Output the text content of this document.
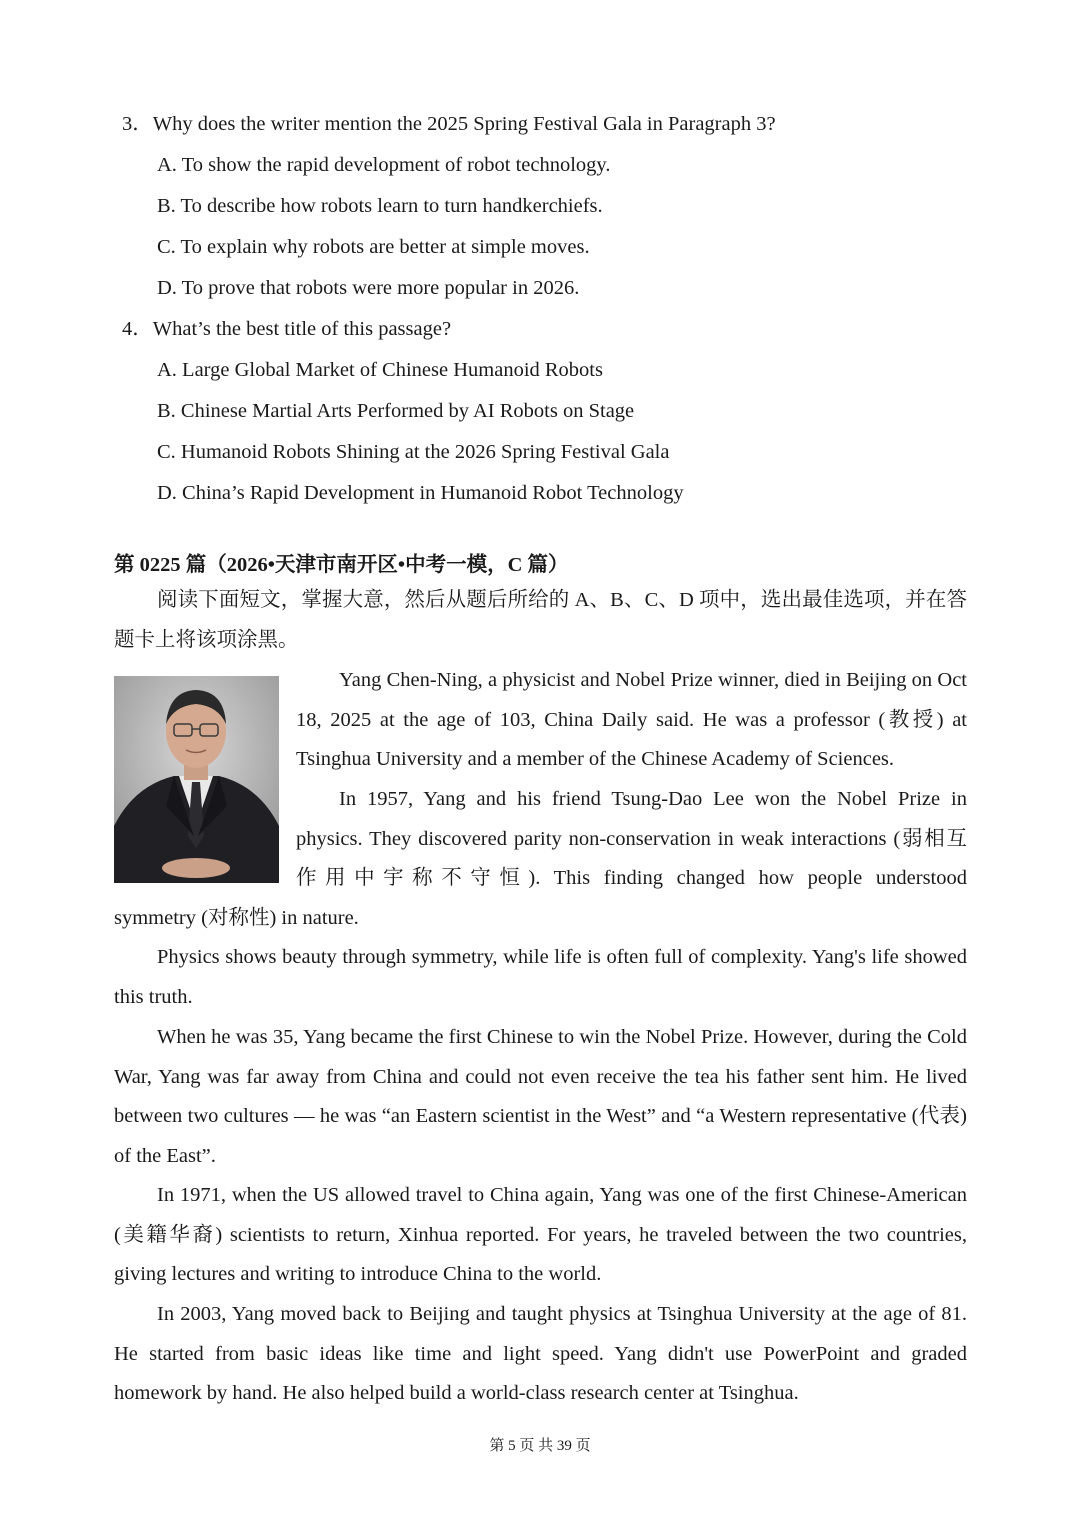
3．Why does the writer mention the 2025 Spring Festival Gala in Paragraph 3?
A. To show the rapid development of robot technology.
B. To describe how robots learn to turn handkerchiefs.
C. To explain why robots are better at simple moves.
D. To prove that robots were more popular in 2026.
4．What’s the best title of this passage?
A. Large Global Market of Chinese Humanoid Robots
B. Chinese Martial Arts Performed by AI Robots on Stage
C. Humanoid Robots Shining at the 2026 Spring Festival Gala
D. China’s Rapid Development in Humanoid Robot Technology
第 0225 篇（2026•天津市南开区•中考一模，C 篇）
阅读下面短文，掌握大意，然后从题后所给的 A、B、C、D 项中，选出最佳选项，并在答题卡上将该项涂黑。
Yang Chen-Ning, a physicist and Nobel Prize winner, died in Beijing on Oct 18, 2025 at the age of 103, China Daily said. He was a professor (教授) at Tsinghua University and a member of the Chinese Academy of Sciences.
In 1957, Yang and his friend Tsung-Dao Lee won the Nobel Prize in physics. They discovered parity non-conservation in weak interactions (弱相互作用中宇称不守恒). This finding changed how people understood
symmetry (对称性) in nature.
Physics shows beauty through symmetry, while life is often full of complexity. Yang's life showed this truth.
When he was 35, Yang became the first Chinese to win the Nobel Prize. However, during the Cold War, Yang was far away from China and could not even receive the tea his father sent him. He lived between two cultures — he was “an Eastern scientist in the West” and “a Western representative (代表) of the East”.
In 1971, when the US allowed travel to China again, Yang was one of the first Chinese-American (美籍华裔) scientists to return, Xinhua reported. For years, he traveled between the two countries, giving lectures and writing to introduce China to the world.
In 2003, Yang moved back to Beijing and taught physics at Tsinghua University at the age of 81. He started from basic ideas like time and light speed. Yang didn't use PowerPoint and graded homework by hand. He also helped build a world-class research center at Tsinghua.
第 5 页 共 39 页
